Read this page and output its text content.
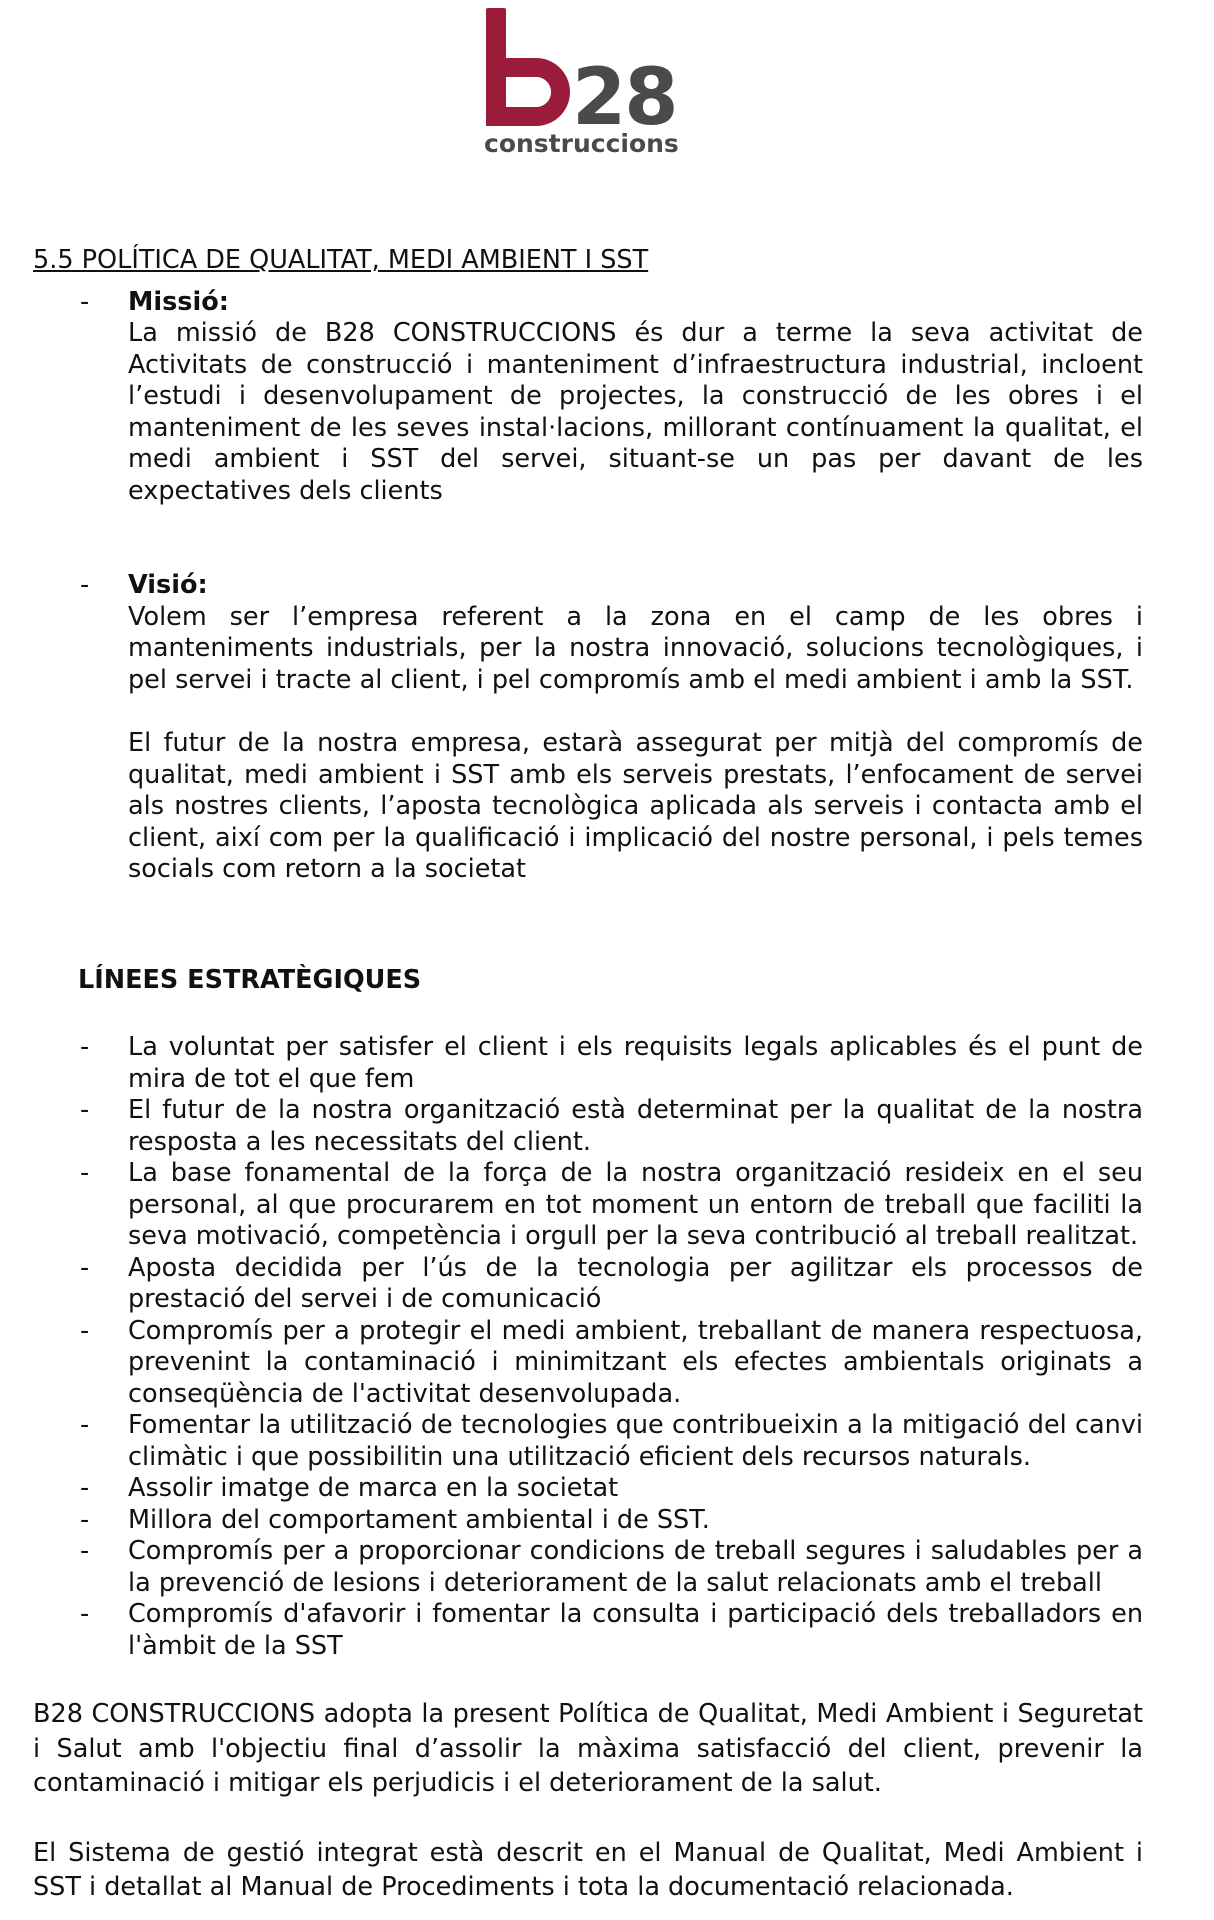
28
construccions
5.5 POLÍTICA DE QUALITAT, MEDI AMBIENT I SST
- Missió:
La missió de B28 CONSTRUCCIONS és dur a terme la seva activitat de Activitats de construcció i manteniment d’infraestructura industrial, incloent l’estudi i desenvolupament de projectes, la construcció de les obres i el manteniment de les seves instal·lacions, millorant contínuament la qualitat, el medi ambient i SST del servei, situant-se un pas per davant de les expectatives dels clients
- Visió:
Volem ser l’empresa referent a la zona en el camp de les obres i manteniments industrials, per la nostra innovació, solucions tecnològiques, i pel servei i tracte al client, i pel compromís amb el medi ambient i amb la SST.
El futur de la nostra empresa, estarà assegurat per mitjà del compromís de qualitat, medi ambient i SST amb els serveis prestats, l’enfocament de servei als nostres clients, l’aposta tecnològica aplicada als serveis i contacta amb el client, així com per la qualificació i implicació del nostre personal, i pels temes socials com retorn a la societat
LÍNEES ESTRATÈGIQUES
- La voluntat per satisfer el client i els requisits legals aplicables és el punt de mira de tot el que fem
- El futur de la nostra organització està determinat per la qualitat de la nostra resposta a les necessitats del client.
- La base fonamental de la força de la nostra organització resideix en el seu personal, al que procurarem en tot moment un entorn de treball que faciliti la seva motivació, competència i orgull per la seva contribució al treball realitzat.
- Aposta decidida per l’ús de la tecnologia per agilitzar els processos de prestació del servei i de comunicació
- Compromís per a protegir el medi ambient, treballant de manera respectuosa, prevenint la contaminació i minimitzant els efectes ambientals originats a conseqüència de l'activitat desenvolupada.
- Fomentar la utilització de tecnologies que contribueixin a la mitigació del canvi climàtic i que possibilitin una utilització eficient dels recursos naturals.
- Assolir imatge de marca en la societat
- Millora del comportament ambiental i de SST.
- Compromís per a proporcionar condicions de treball segures i saludables per a la prevenció de lesions i deteriorament de la salut relacionats amb el treball
- Compromís d'afavorir i fomentar la consulta i participació dels treballadors en l'àmbit de la SST
B28 CONSTRUCCIONS adopta la present Política de Qualitat, Medi Ambient i Seguretat i Salut amb l'objectiu final d’assolir la màxima satisfacció del client, prevenir la contaminació i mitigar els perjudicis i el deteriorament de la salut.
El Sistema de gestió integrat està descrit en el Manual de Qualitat, Medi Ambient i SST i detallat al Manual de Procediments i tota la documentació relacionada.
